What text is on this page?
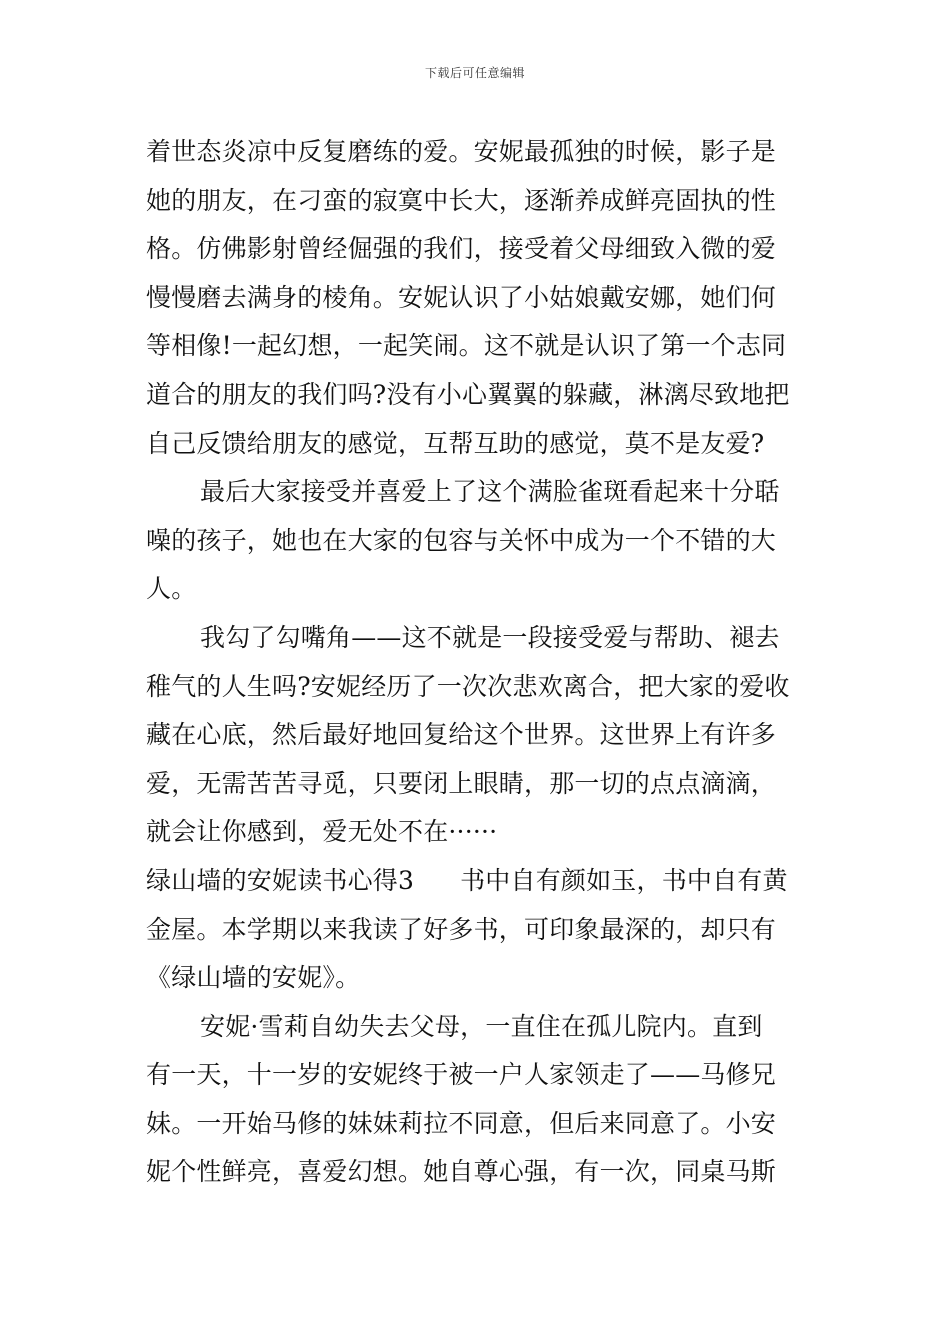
下载后可任意编辑
着世态炎凉中反复磨练的爱。安妮最孤独的时候，影子是
她的朋友，在刁蛮的寂寞中长大，逐渐养成鲜亮固执的性
格。仿佛影射曾经倔强的我们，接受着父母细致入微的爱
慢慢磨去满身的棱角。安妮认识了小姑娘戴安娜，她们何
等相像!一起幻想，一起笑闹。这不就是认识了第一个志同
道合的朋友的我们吗?没有小心翼翼的躲藏，淋漓尽致地把
自己反馈给朋友的感觉，互帮互助的感觉，莫不是友爱?
最后大家接受并喜爱上了这个满脸雀斑看起来十分聒
噪的孩子，她也在大家的包容与关怀中成为一个不错的大
人。
我勾了勾嘴角——这不就是一段接受爱与帮助、褪去
稚气的人生吗?安妮经历了一次次悲欢离合，把大家的爱收
藏在心底，然后最好地回复给这个世界。这世界上有许多
爱，无需苦苦寻觅，只要闭上眼睛，那一切的点点滴滴，
就会让你感到，爱无处不在······
绿山墙的安妮读书心得3 书中自有颜如玉，书中自有黄
金屋。本学期以来我读了好多书，可印象最深的，却只有
《绿山墙的安妮》。
安妮·雪莉自幼失去父母，一直住在孤儿院内。直到
有一天，十一岁的安妮终于被一户人家领走了——马修兄
妹。一开始马修的妹妹莉拉不同意，但后来同意了。小安
妮个性鲜亮，喜爱幻想。她自尊心强，有一次，同桌马斯
